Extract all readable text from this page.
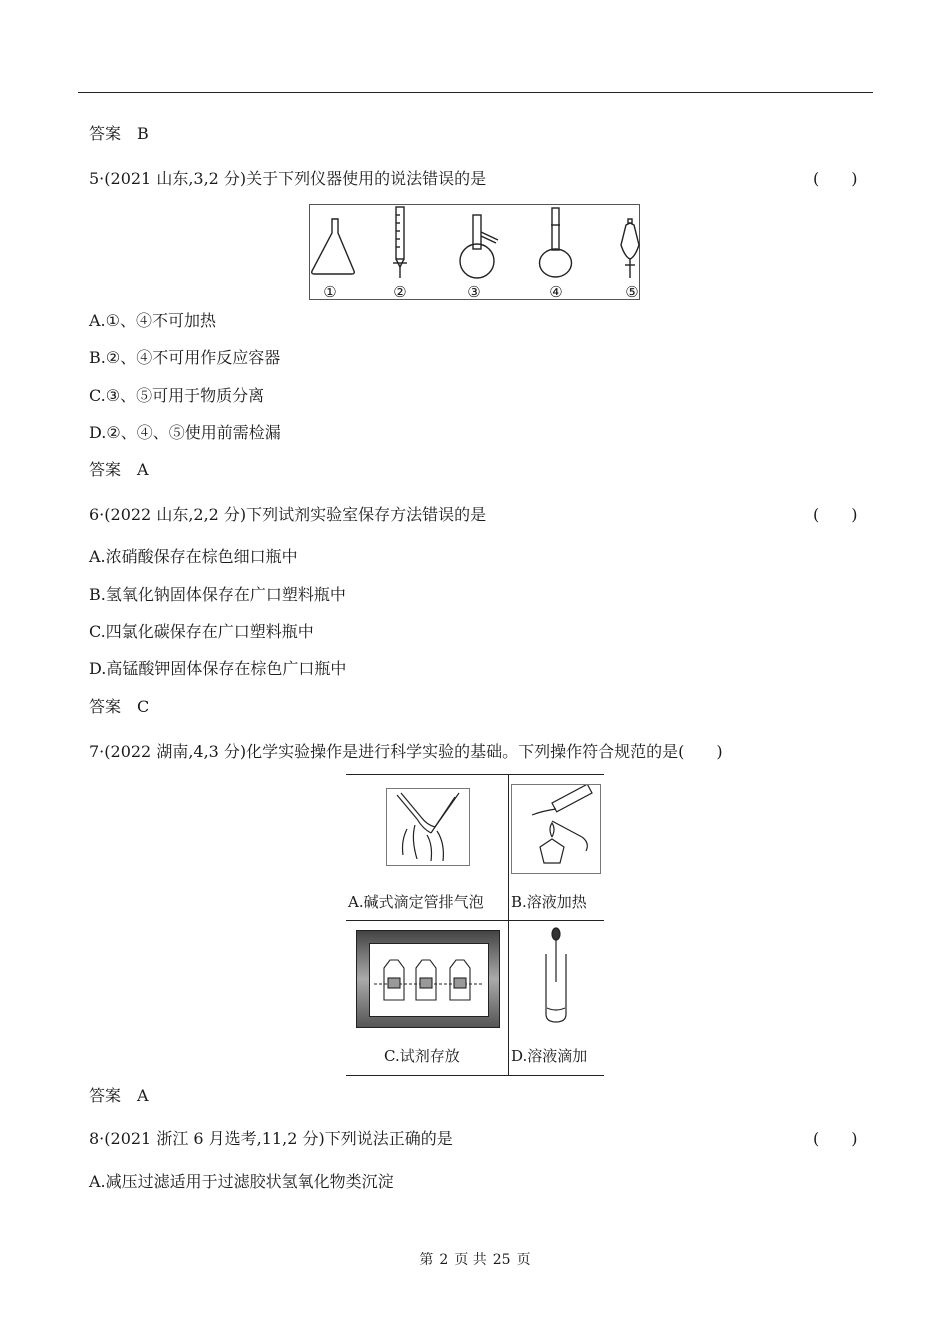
答案 B
5·(2021 山东,3,2 分)关于下列仪器使用的说法错误的是	(　　)
①	②	③	④	⑤
A.①、④不可加热
B.②、④不可用作反应容器
C.③、⑤可用于物质分离
D.②、④、⑤使用前需检漏
答案 A
6·(2022 山东,2,2 分)下列试剂实验室保存方法错误的是	(　　)
A.浓硝酸保存在棕色细口瓶中
B.氢氧化钠固体保存在广口塑料瓶中
C.四氯化碳保存在广口塑料瓶中
D.高锰酸钾固体保存在棕色广口瓶中
答案 C
7·(2022 湖南,4,3 分)化学实验操作是进行科学实验的基础。下列操作符合规范的是(　　)
A.碱式滴定管排气泡 B.溶液加热
C.试剂存放	D.溶液滴加
答案 A
8·(2021 浙江 6 月选考,11,2 分)下列说法正确的是	(　　)
A.减压过滤适用于过滤胶状氢氧化物类沉淀
第 2 页 共 25 页
